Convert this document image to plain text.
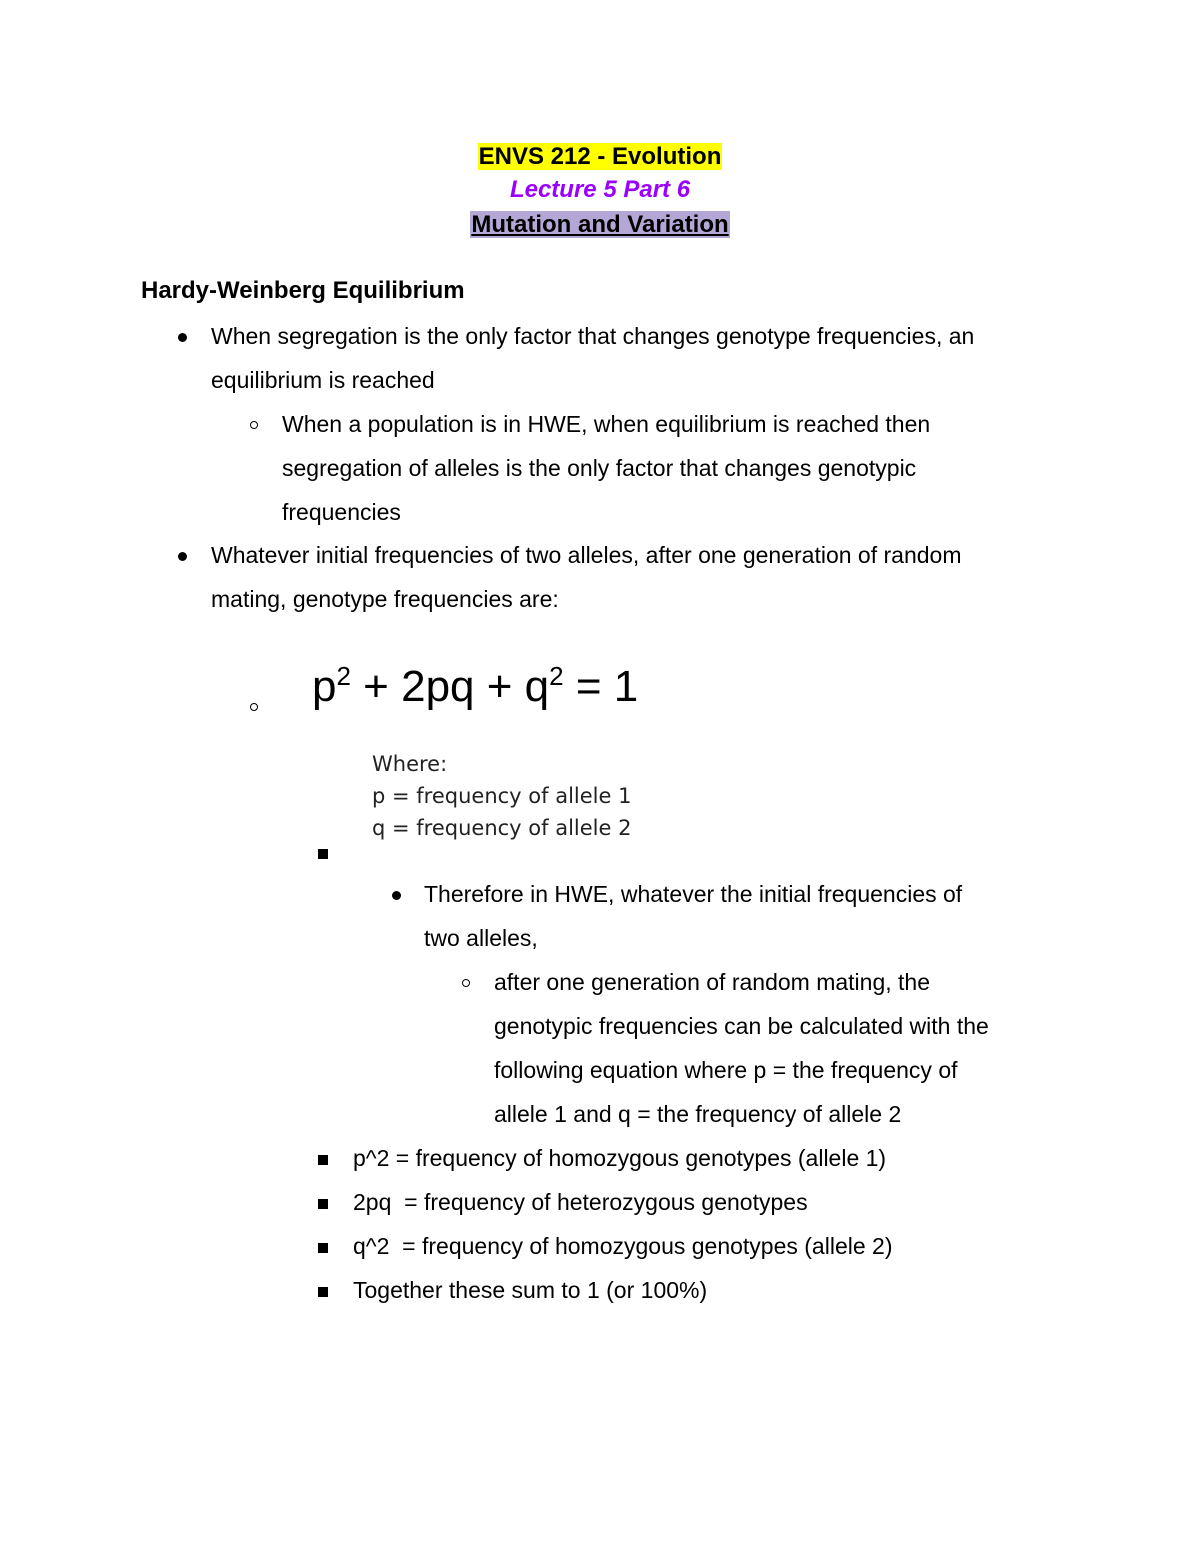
ENVS 212 - Evolution
Lecture 5 Part 6
Mutation and Variation
Hardy-Weinberg Equilibrium
When segregation is the only factor that changes genotype frequencies, an
equilibrium is reached
When a population is in HWE, when equilibrium is reached then
segregation of alleles is the only factor that changes genotypic
frequencies
Whatever initial frequencies of two alleles, after one generation of random
mating, genotype frequencies are:
$p^2 + 2pq + q^2 = 1$
Where:
p = frequency of allele 1
q = frequency of allele 2
Therefore in HWE, whatever the initial frequencies of
two alleles,
after one generation of random mating, the
genotypic frequencies can be calculated with the
following equation where p = the frequency of
allele 1 and q = the frequency of allele 2
p^2 = frequency of homozygous genotypes (allele 1)
2pq  = frequency of heterozygous genotypes
q^2  = frequency of homozygous genotypes (allele 2)
Together these sum to 1 (or 100%)
